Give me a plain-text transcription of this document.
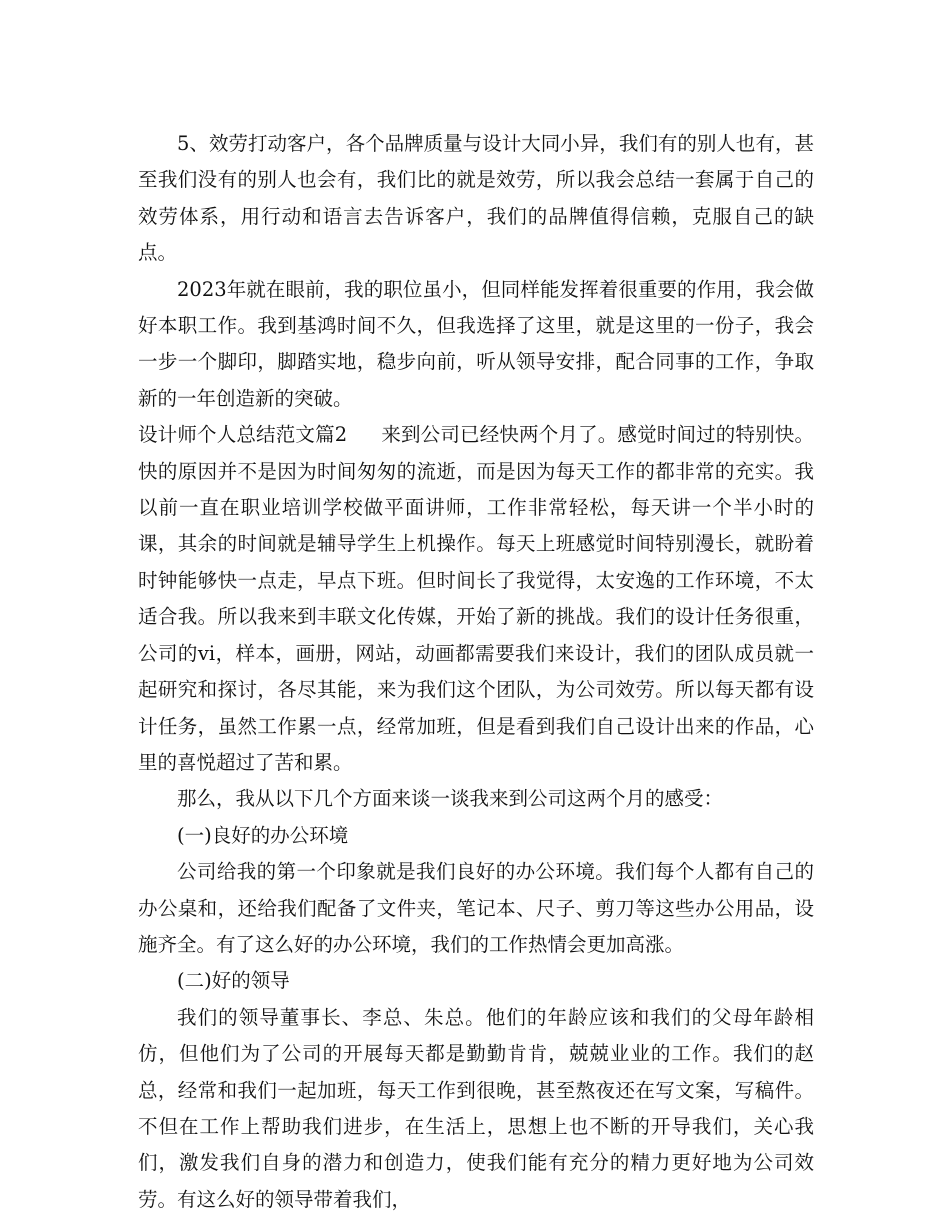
5、效劳打动客户，各个品牌质量与设计大同小异，我们有的别人也有，甚至我们没有的别人也会有，我们比的就是效劳，所以我会总结一套属于自己的效劳体系，用行动和语言去告诉客户，我们的品牌值得信赖，克服自己的缺点。

2023年就在眼前，我的职位虽小，但同样能发挥着很重要的作用，我会做好本职工作。我到基鸿时间不久，但我选择了这里，就是这里的一份子，我会一步一个脚印，脚踏实地，稳步向前，听从领导安排，配合同事的工作，争取新的一年创造新的突破。

设计师个人总结范文篇2 来到公司已经快两个月了。感觉时间过的特别快。快的原因并不是因为时间匆匆的流逝，而是因为每天工作的都非常的充实。我以前一直在职业培训学校做平面讲师，工作非常轻松，每天讲一个半小时的课，其余的时间就是辅导学生上机操作。每天上班感觉时间特别漫长，就盼着时钟能够快一点走，早点下班。但时间长了我觉得，太安逸的工作环境，不太适合我。所以我来到丰联文化传媒，开始了新的挑战。我们的设计任务很重，公司的vi，样本，画册，网站，动画都需要我们来设计，我们的团队成员就一起研究和探讨，各尽其能，来为我们这个团队，为公司效劳。所以每天都有设计任务，虽然工作累一点，经常加班，但是看到我们自己设计出来的作品，心里的喜悦超过了苦和累。

那么，我从以下几个方面来谈一谈我来到公司这两个月的感受：

(一)良好的办公环境

公司给我的第一个印象就是我们良好的办公环境。我们每个人都有自己的办公桌和，还给我们配备了文件夹，笔记本、尺子、剪刀等这些办公用品，设施齐全。有了这么好的办公环境，我们的工作热情会更加高涨。

(二)好的领导

我们的领导董事长、李总、朱总。他们的年龄应该和我们的父母年龄相仿，但他们为了公司的开展每天都是勤勤肯肯，兢兢业业的工作。我们的赵总，经常和我们一起加班，每天工作到很晚，甚至熬夜还在写文案，写稿件。不但在工作上帮助我们进步，在生活上，思想上也不断的开导我们，关心我们，激发我们自身的潜力和创造力，使我们能有充分的精力更好地为公司效劳。有这么好的领导带着我们，
